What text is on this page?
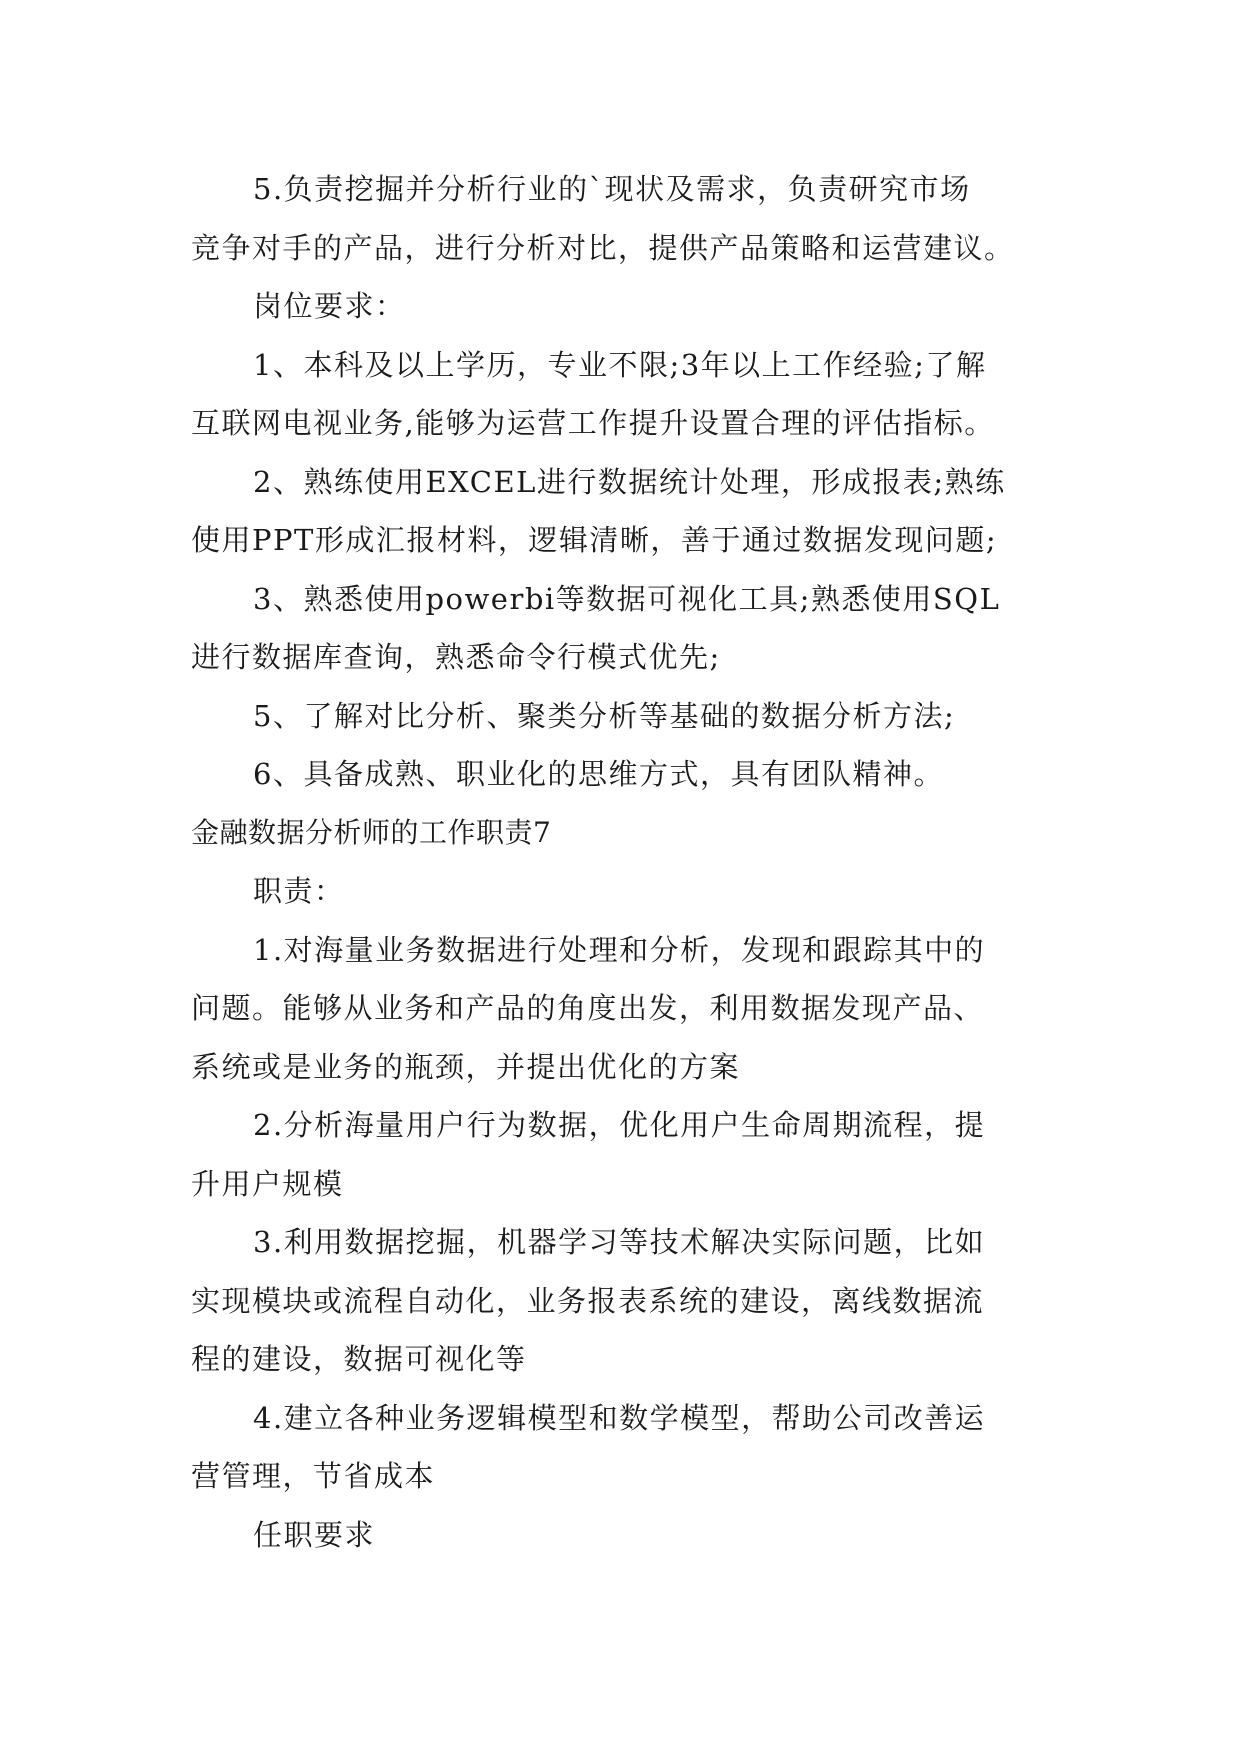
5.负责挖掘并分析行业的`现状及需求，负责研究市场
竞争对手的产品，进行分析对比，提供产品策略和运营建议。
岗位要求：
1、本科及以上学历，专业不限;3年以上工作经验;了解
互联网电视业务,能够为运营工作提升设置合理的评估指标。
2、熟练使用EXCEL进行数据统计处理，形成报表;熟练
使用PPT形成汇报材料，逻辑清晰，善于通过数据发现问题;
3、熟悉使用powerbi等数据可视化工具;熟悉使用SQL
进行数据库查询，熟悉命令行模式优先;
5、了解对比分析、聚类分析等基础的数据分析方法;
6、具备成熟、职业化的思维方式，具有团队精神。
金融数据分析师的工作职责7
职责：
1.对海量业务数据进行处理和分析，发现和跟踪其中的
问题。能够从业务和产品的角度出发，利用数据发现产品、
系统或是业务的瓶颈，并提出优化的方案
2.分析海量用户行为数据，优化用户生命周期流程，提
升用户规模
3.利用数据挖掘，机器学习等技术解决实际问题，比如
实现模块或流程自动化，业务报表系统的建设，离线数据流
程的建设，数据可视化等
4.建立各种业务逻辑模型和数学模型，帮助公司改善运
营管理，节省成本
任职要求
